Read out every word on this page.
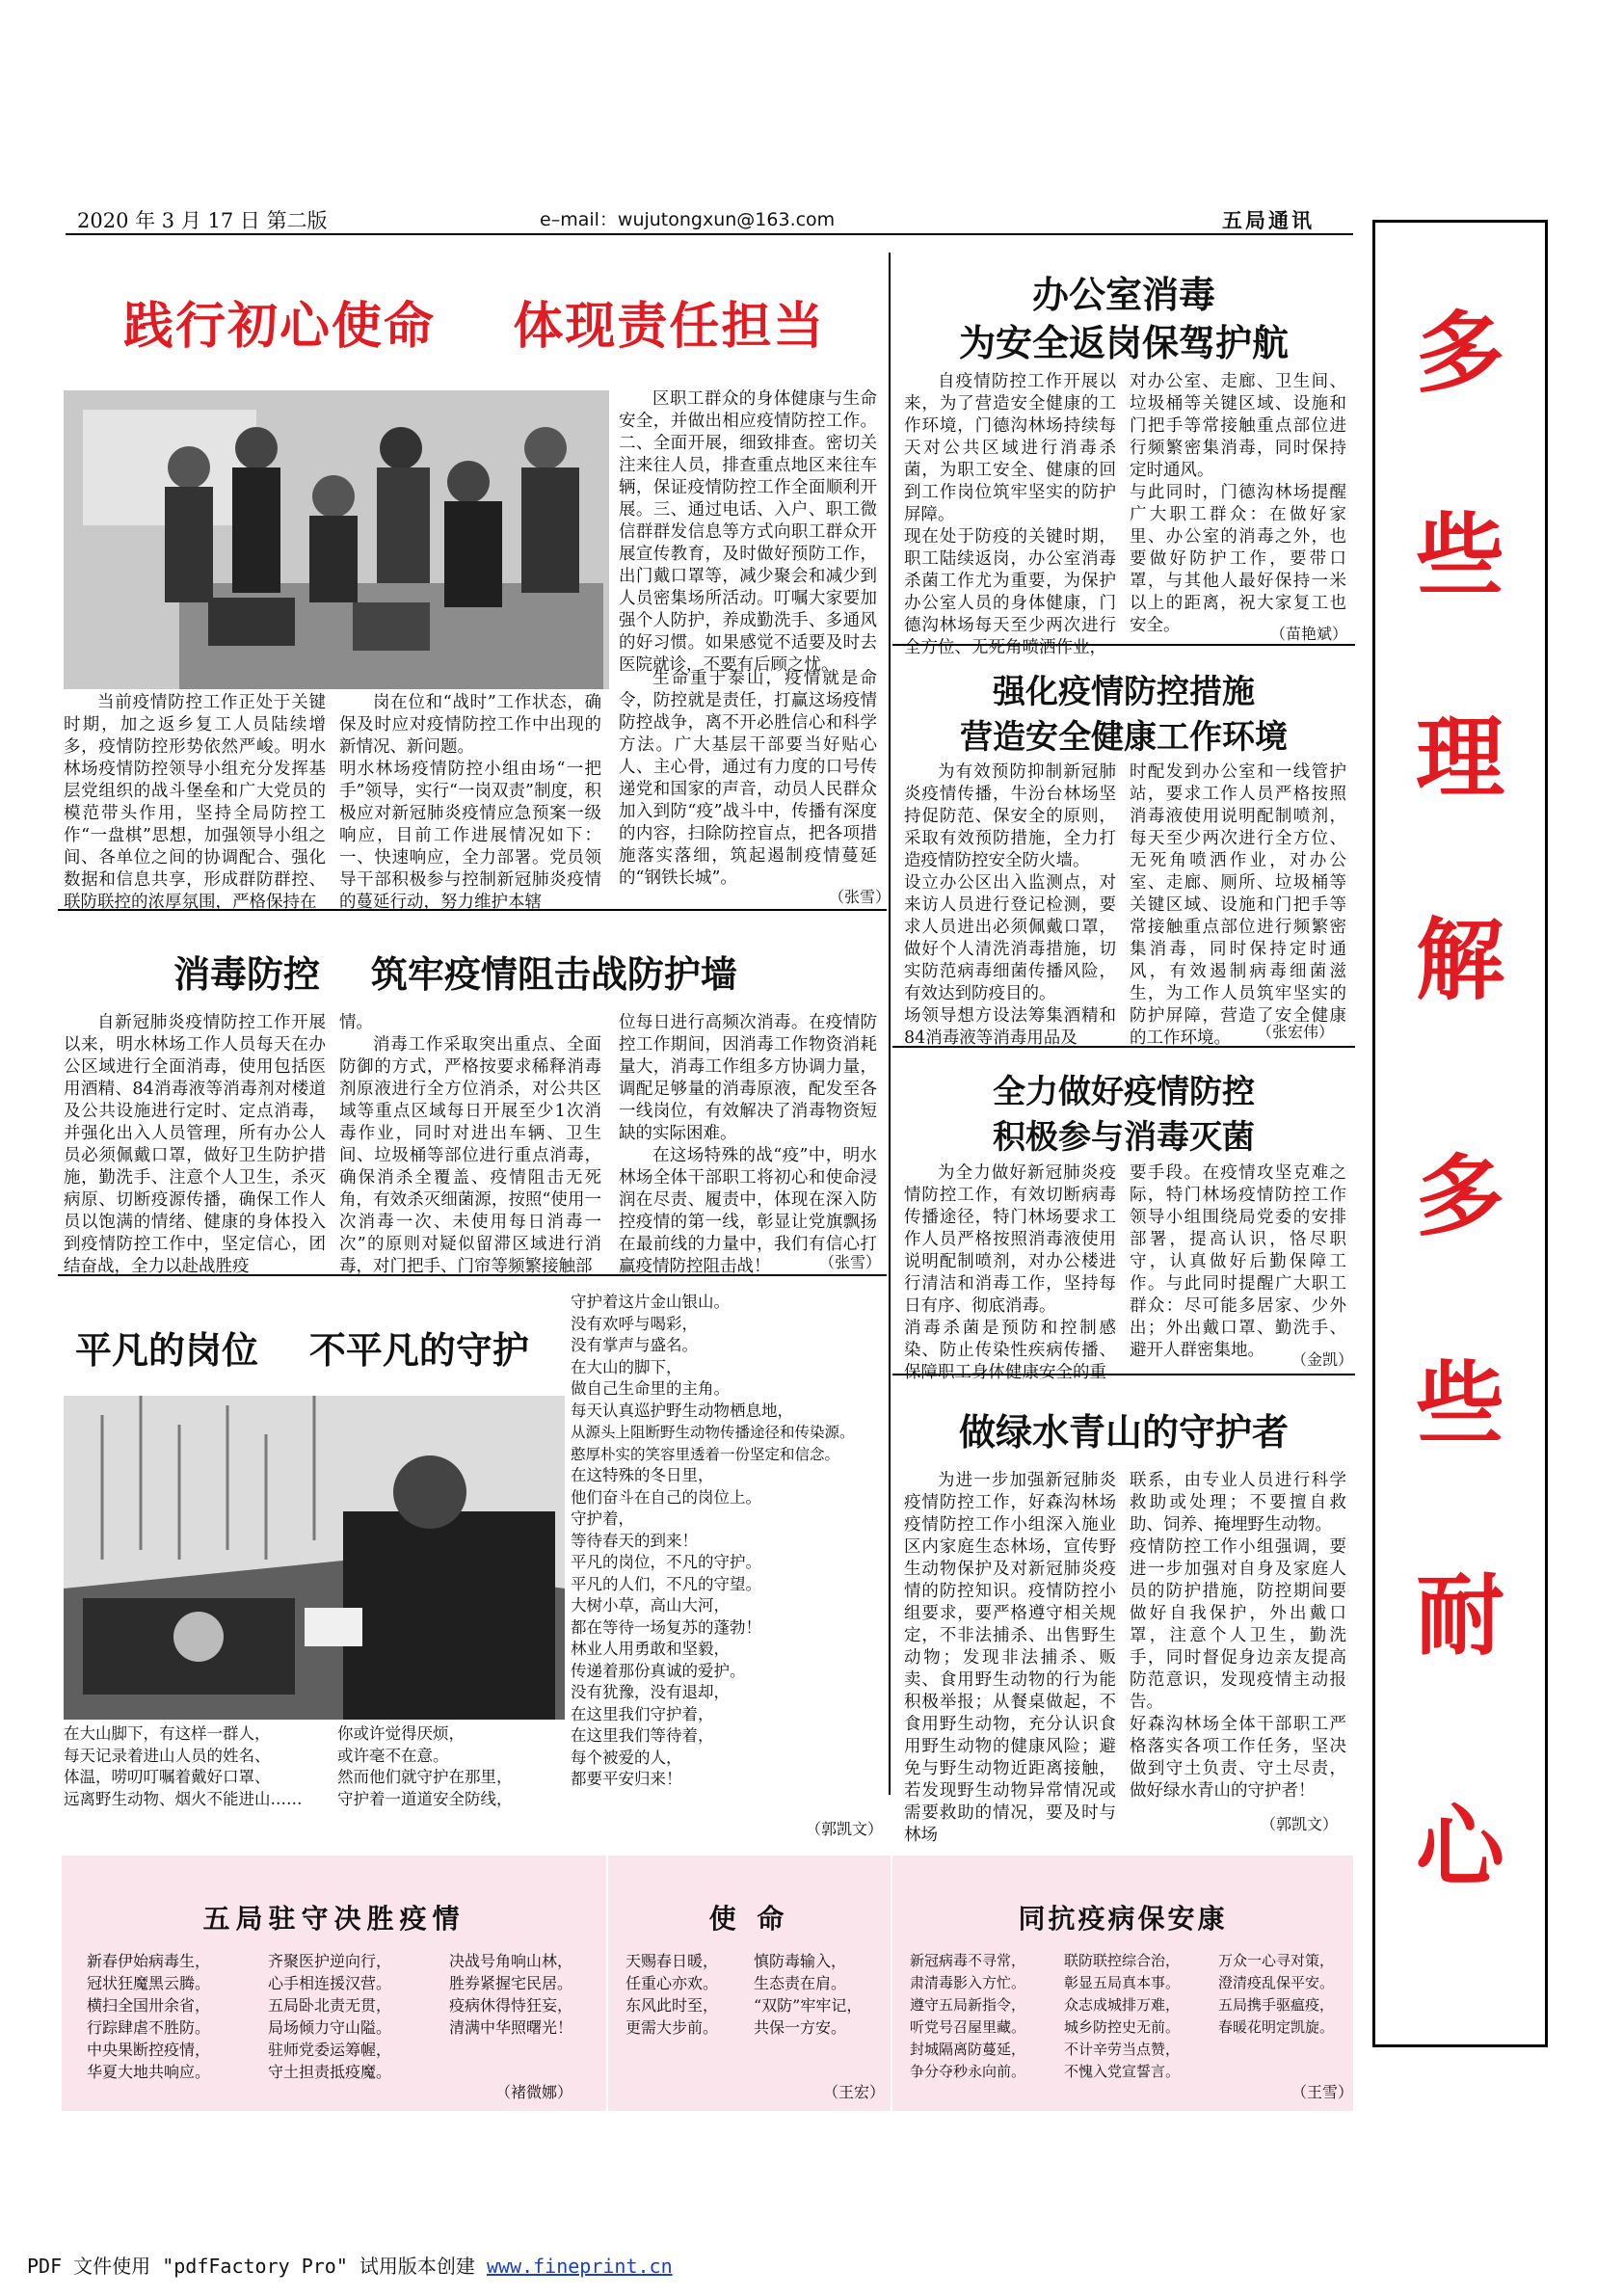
2020 年 3 月 17 日 第二版	e–mail：wujutongxun@163.com	五局通讯
多
些
理
解
多
些
耐
心
践行初心使命    体现责任担当
当前疫情防控工作正处于关键时期，加之返乡复工人员陆续增多，疫情防控形势依然严峻。明水林场疫情防控领导小组充分发挥基层党组织的战斗堡垒和广大党员的模范带头作用，坚持全局防控工作“一盘棋”思想，加强领导小组之间、各单位之间的协调配合、强化数据和信息共享，形成群防群控、联防联控的浓厚氛围，严格保持在
岗在位和“战时”工作状态，确保及时应对疫情防控工作中出现的新情况、新问题。
明水林场疫情防控小组由场“一把手”领导，实行“一岗双责”制度，积极应对新冠肺炎疫情应急预案一级响应，目前工作进展情况如下：一、快速响应，全力部署。党员领导干部积极参与控制新冠肺炎疫情的蔓延行动，努力维护本辖
区职工群众的身体健康与生命安全，并做出相应疫情防控工作。二、全面开展，细致排查。密切关注来往人员，排查重点地区来往车辆，保证疫情防控工作全面顺利开展。三、通过电话、入户、职工微信群群发信息等方式向职工群众开展宣传教育，及时做好预防工作，出门戴口罩等，减少聚会和减少到人员密集场所活动。叮嘱大家要加强个人防护，养成勤洗手、多通风的好习惯。如果感觉不适要及时去医院就诊，不要有后顾之忧。
生命重于泰山，疫情就是命令，防控就是责任，打赢这场疫情防控战争，离不开必胜信心和科学方法。广大基层干部要当好贴心人、主心骨，通过有力度的口号传递党和国家的声音，动员人民群众加入到防“疫”战斗中，传播有深度的内容，扫除防控盲点，把各项措施落实落细，筑起遏制疫情蔓延的“钢铁长城”。
（张雪）
消毒防控    筑牢疫情阻击战防护墙
自新冠肺炎疫情防控工作开展以来，明水林场工作人员每天在办公区域进行全面消毒，使用包括医用酒精、84消毒液等消毒剂对楼道及公共设施进行定时、定点消毒，并强化出入人员管理，所有办公人员必须佩戴口罩，做好卫生防护措施，勤洗手、注意个人卫生，杀灭病原、切断疫源传播，确保工作人员以饱满的情绪、健康的身体投入到疫情防控工作中，坚定信心，团结奋战，全力以赴战胜疫
情。
消毒工作采取突出重点、全面防御的方式，严格按要求稀释消毒剂原液进行全方位消杀，对公共区域等重点区域每日开展至少1次消毒作业，同时对进出车辆、卫生间、垃圾桶等部位进行重点消毒，确保消杀全覆盖、疫情阻击无死角，有效杀灭细菌源，按照“使用一次消毒一次、未使用每日消毒一次”的原则对疑似留滞区域进行消毒，对门把手、门帘等频繁接触部
位每日进行高频次消毒。在疫情防控工作期间，因消毒工作物资消耗量大，消毒工作组多方协调力量，调配足够量的消毒原液，配发至各一线岗位，有效解决了消毒物资短缺的实际困难。
在这场特殊的战“疫”中，明水林场全体干部职工将初心和使命浸润在尽责、履责中，体现在深入防控疫情的第一线，彰显让党旗飘扬在最前线的力量中，我们有信心打赢疫情防控阻击战！	（张雪）
平凡的岗位    不平凡的守护
守护着这片金山银山。
没有欢呼与喝彩，
没有掌声与盛名。
在大山的脚下，
做自己生命里的主角。
每天认真巡护野生动物栖息地，
从源头上阻断野生动物传播途径和传染源。
憨厚朴实的笑容里透着一份坚定和信念。
在这特殊的冬日里，
他们奋斗在自己的岗位上。
守护着，
等待春天的到来！
平凡的岗位，不凡的守护。
平凡的人们，不凡的守望。
大树小草，高山大河，
都在等待一场复苏的蓬勃！
林业人用勇敢和坚毅，
传递着那份真诚的爱护。
没有犹豫，没有退却，
在这里我们守护着，
在这里我们等待着，
每个被爱的人，
都要平安归来！
在大山脚下，有这样一群人，
每天记录着进山人员的姓名、
体温，唠叨叮嘱着戴好口罩、
远离野生动物、烟火不能进山……
你或许觉得厌烦，
或许毫不在意。
然而他们就守护在那里，
守护着一道道安全防线，
（郭凯文）
办公室消毒
为安全返岗保驾护航
自疫情防控工作开展以来，为了营造安全健康的工作环境，门德沟林场持续每天对公共区域进行消毒杀菌，为职工安全、健康的回到工作岗位筑牢坚实的防护屏障。
现在处于防疫的关键时期，职工陆续返岗，办公室消毒杀菌工作尤为重要，为保护办公室人员的身体健康，门德沟林场每天至少两次进行全方位、无死角喷洒作业，
对办公室、走廊、卫生间、垃圾桶等关键区域、设施和门把手等常接触重点部位进行频繁密集消毒，同时保持定时通风。
与此同时，门德沟林场提醒广大职工群众：在做好家里、办公室的消毒之外，也要做好防护工作，要带口罩，与其他人最好保持一米以上的距离，祝大家复工也安全。	（苗艳斌）
强化疫情防控措施
营造安全健康工作环境
为有效预防抑制新冠肺炎疫情传播，牛汾台林场坚持促防范、保安全的原则，采取有效预防措施，全力打造疫情防控安全防火墙。
设立办公区出入监测点，对来访人员进行登记检测，要求人员进出必须佩戴口罩，做好个人清洗消毒措施，切实防范病毒细菌传播风险，有效达到防疫目的。
场领导想方设法筹集酒精和84消毒液等消毒用品及
时配发到办公室和一线管护站，要求工作人员严格按照消毒液使用说明配制喷剂，每天至少两次进行全方位、无死角喷洒作业，对办公室、走廊、厕所、垃圾桶等关键区域、设施和门把手等常接触重点部位进行频繁密集消毒，同时保持定时通风，有效遏制病毒细菌滋生，为工作人员筑牢坚实的防护屏障，营造了安全健康的工作环境。	（张宏伟）
全力做好疫情防控
积极参与消毒灭菌
为全力做好新冠肺炎疫情防控工作，有效切断病毒传播途径，特门林场要求工作人员严格按照消毒液使用说明配制喷剂，对办公楼进行清洁和消毒工作，坚持每日有序、彻底消毒。
消毒杀菌是预防和控制感染、防止传染性疾病传播、保障职工身体健康安全的重
要手段。在疫情攻坚克难之际，特门林场疫情防控工作领导小组围绕局党委的安排部署，提高认识，恪尽职守，认真做好后勤保障工作。与此同时提醒广大职工群众：尽可能多居家、少外出；外出戴口罩、勤洗手、避开人群密集地。	（金凯）
做绿水青山的守护者
为进一步加强新冠肺炎疫情防控工作，好森沟林场疫情防控工作小组深入施业区内家庭生态林场，宣传野生动物保护及对新冠肺炎疫情的防控知识。疫情防控小组要求，要严格遵守相关规定，不非法捕杀、出售野生动物；发现非法捕杀、贩卖、食用野生动物的行为能积极举报；从餐桌做起，不食用野生动物，充分认识食用野生动物的健康风险；避免与野生动物近距离接触，若发现野生动物异常情况或需要救助的情况，要及时与林场
联系，由专业人员进行科学救助或处理；不要擅自救助、饲养、掩埋野生动物。
疫情防控工作小组强调，要进一步加强对自身及家庭人员的防护措施，防控期间要做好自我保护，外出戴口罩，注意个人卫生，勤洗手，同时督促身边亲友提高防范意识，发现疫情主动报告。
好森沟林场全体干部职工严格落实各项工作任务，坚决做到守土负责、守土尽责，做好绿水青山的守护者！
（郭凯文）
五局驻守决胜疫情
新春伊始病毒生，
冠状狂魔黑云腾。
横扫全国卅余省，
行踪肆虐不胜防。
中央果断控疫情，
华夏大地共响应。
齐聚医护逆向行，
心手相连援汉营。
五局卧北责无贯，
局场倾力守山隘。
驻师党委运筹幄，
守土担责抵疫魔。
决战号角响山林，
胜券紧握宅民居。
疫病休得恃狂妄，
清满中华照曙光！
（褚微娜）
使 命
天赐春日暖，
任重心亦欢。
东风此时至，
更需大步前。
慎防毒输入，
生态责在肩。
“双防”牢牢记，
共保一方安。
（王宏）
同抗疫病保安康
新冠病毒不寻常，
肃清毒影入方忙。
遵守五局新指令，
听党号召屋里藏。
封城隔离防蔓延，
争分夺秒永向前。
联防联控综合治，
彰显五局真本事。
众志成城排万难，
城乡防控史无前。
不计辛劳当点赞，
不愧入党宣誓言。
万众一心寻对策，
澄清疫乱保平安。
五局携手驱瘟疫，
春暖花明定凯旋。
（王雪）
PDF 文件使用 "pdfFactory Pro" 试用版本创建 www.fineprint.cn
